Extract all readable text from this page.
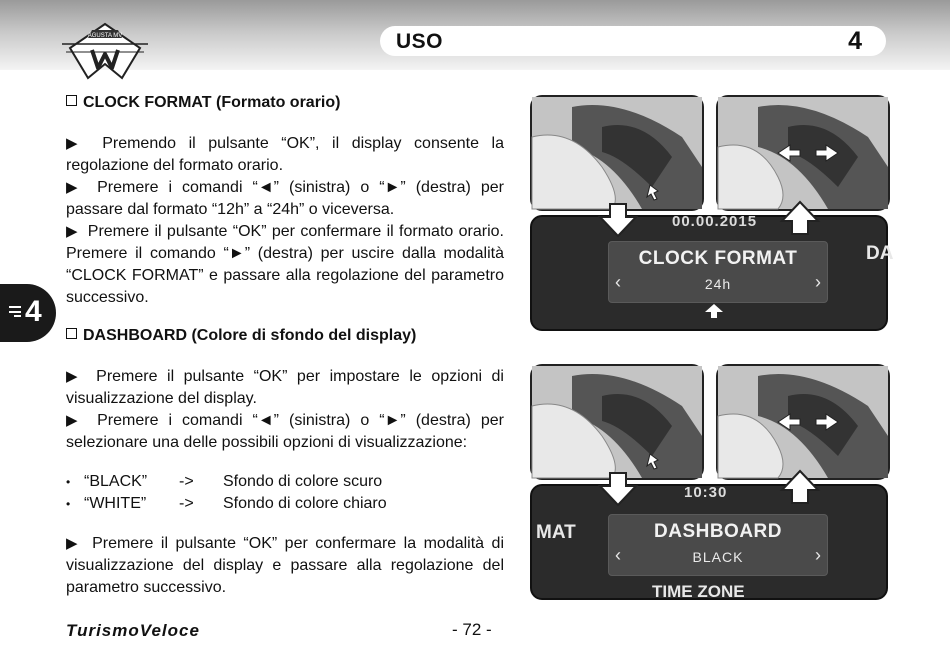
AGUSTA MV	USO	4
4
CLOCK FORMAT (Formato orario)

▶ Premendo il pulsante “OK”, il display consente la regolazione del formato orario.

▶ Premere i comandi “◄” (sinistra) o “►” (destra) per passare dal formato “12h” a “24h” o viceversa.

▶ Premere il pulsante “OK” per confermare il formato orario. Premere il comando “►” (destra) per uscire dalla modalità “CLOCK FORMAT” e passare alla regolazione del parametro successivo.

DASHBOARD (Colore di sfondo del display)

▶ Premere il pulsante “OK” per impostare le opzioni di visualizzazione del display.

▶ Premere i comandi “◄” (sinistra) o “►” (destra) per selezionare una delle possibili opzioni di visualizzazione:

• “BLACK” -> Sfondo di colore scuro
• “WHITE” -> Sfondo di colore chiaro

▶ Premere il pulsante “OK” per confermare la modalità di visualizzazione del display e passare alla regolazione del parametro successivo.

00.00.2015
CLOCK FORMAT
24h
‹	›
DA
10:30
MAT	DASHBOARD
BLACK
‹	›
TIME ZONE
TurismoVeloce	- 72 -
